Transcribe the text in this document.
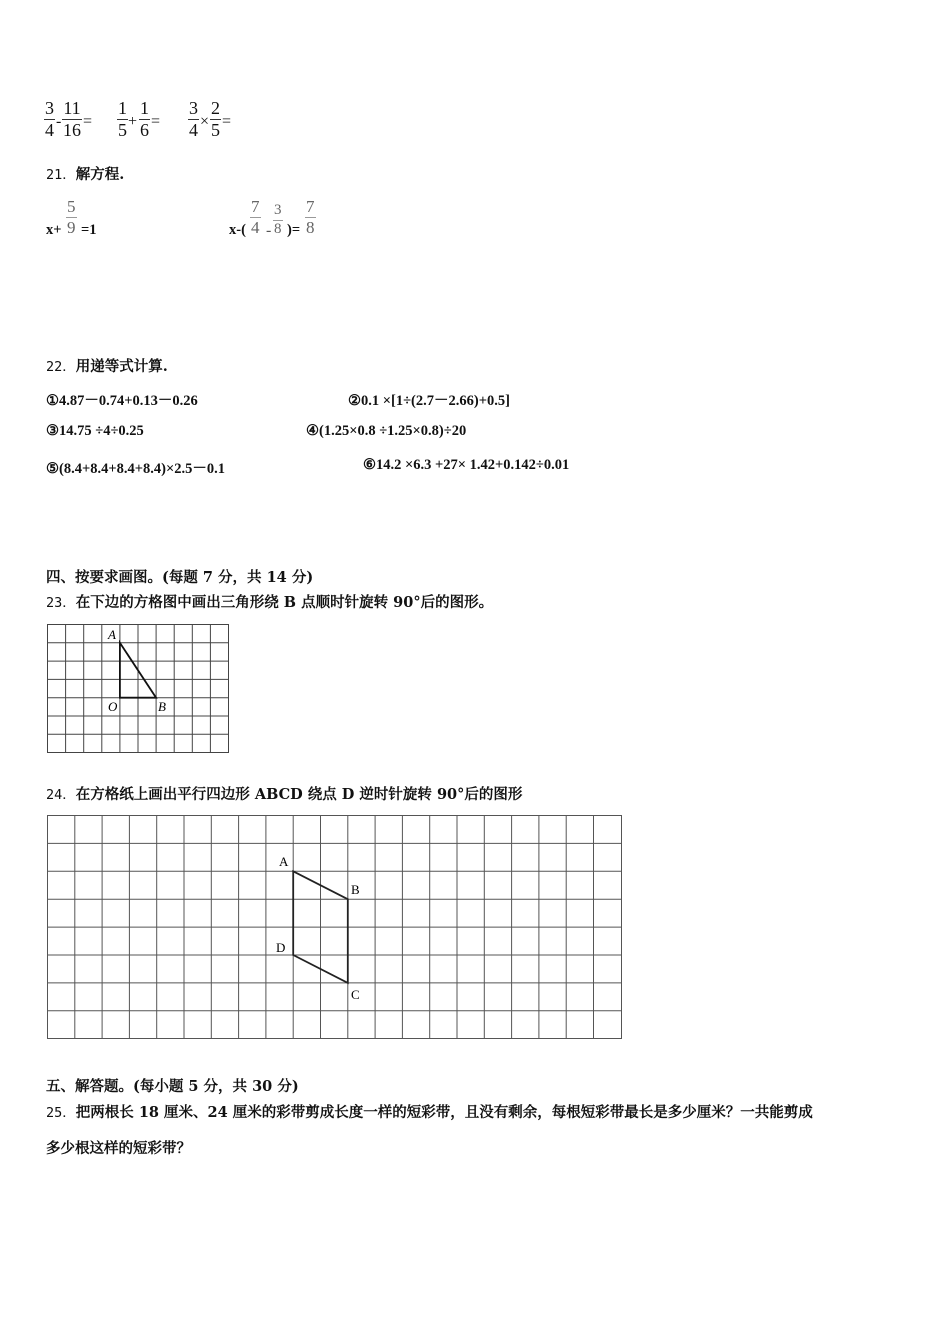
3
4 -
11
16 =
1
5 +
1
6 =
3
4 ×
2
5 =
21．解方程.
x+
5
9 =1	x-(
7
4 -
3
8 )=
7
8
22．用递等式计算.
①4.87－0.74+0.13－0.26	②0.1 ×[1÷(2.7－2.66)+0.5]
③14.75 ÷4÷0.25	④(1.25×0.8 ÷1.25×0.8)÷20
⑤(8.4+8.4+8.4+8.4)×2.5－0.1	⑥14.2 ×6.3 +27× 1.42+0.142÷0.01
四、按要求画图。(每题 7 分，共 14 分)
23．在下边的方格图中画出三角形绕 B 点顺时针旋转 90°后的图形。
A
O	B
24．在方格纸上画出平行四边形 ABCD 绕点 D 逆时针旋转 90°后的图形
A
B
C
D
五、解答题。(每小题 5 分，共 30 分)
25．把两根长 18 厘米、24 厘米的彩带剪成长度一样的短彩带，且没有剩余，每根短彩带最长是多少厘米？一共能剪成
多少根这样的短彩带？
